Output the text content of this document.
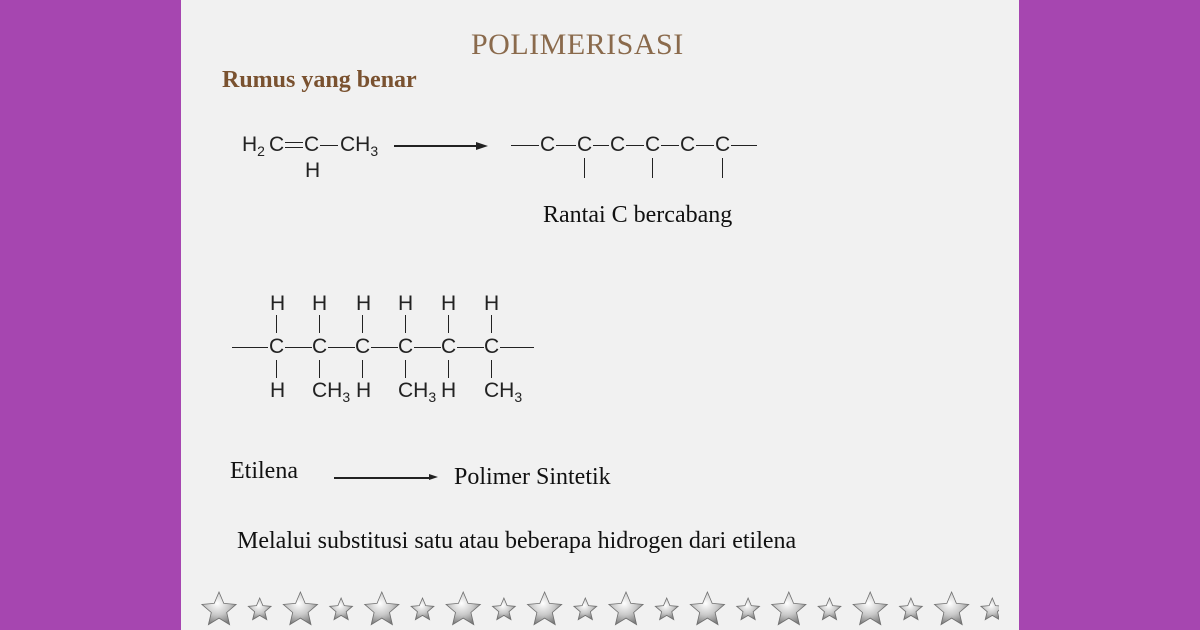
POLIMERISASI
Rumus yang benar
$H_2$ C C $CH_3$
H
C C C C C C
Rantai C bercabang
H H H H H H
C C C C C C
H $CH_3$ H $CH_3$ H $CH_3$
Etilena	Polimer Sintetik
Melalui substitusi satu atau beberapa hidrogen dari etilena
